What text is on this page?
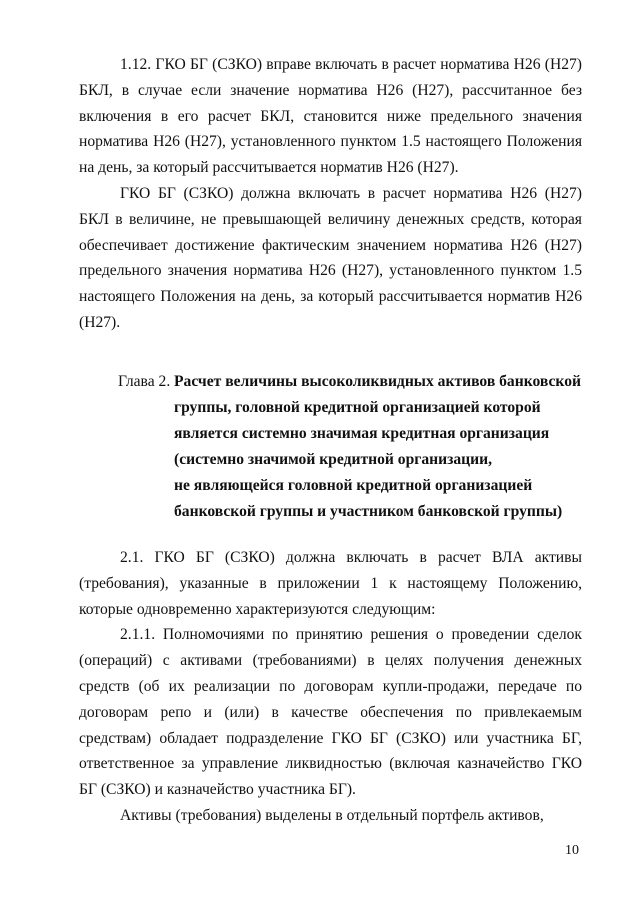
1.12. ГКО БГ (СЗКО) вправе включать в расчет норматива Н26 (Н27) БКЛ, в случае если значение норматива Н26 (Н27), рассчитанное без включения в его расчет БКЛ, становится ниже предельного значения норматива Н26 (Н27), установленного пунктом 1.5 настоящего Положения на день, за который рассчитывается норматив Н26 (Н27).

ГКО БГ (СЗКО) должна включать в расчет норматива Н26 (Н27) БКЛ в величине, не превышающей величину денежных средств, которая обеспечивает достижение фактическим значением норматива Н26 (Н27) предельного значения норматива Н26 (Н27), установленного пунктом 1.5 настоящего Положения на день, за который рассчитывается норматив Н26 (Н27).

Глава 2. Расчет величины высоколиквидных активов банковской
группы, головной кредитной организацией которой
является системно значимая кредитная организация
(системно значимой кредитной организации,
не являющейся головной кредитной организацией
банковской группы и участником банковской группы)

2.1. ГКО БГ (СЗКО) должна включать в расчет ВЛА активы (требования), указанные в приложении 1 к настоящему Положению, которые одновременно характеризуются следующим:

2.1.1. Полномочиями по принятию решения о проведении сделок (операций) с активами (требованиями) в целях получения денежных средств (об их реализации по договорам купли-продажи, передаче по договорам репо и (или) в качестве обеспечения по привлекаемым средствам) обладает подразделение ГКО БГ (СЗКО) или участника БГ, ответственное за управление ликвидностью (включая казначейство ГКО БГ (СЗКО) и казначейство участника БГ).

Активы (требования) выделены в отдельный портфель активов,

10
